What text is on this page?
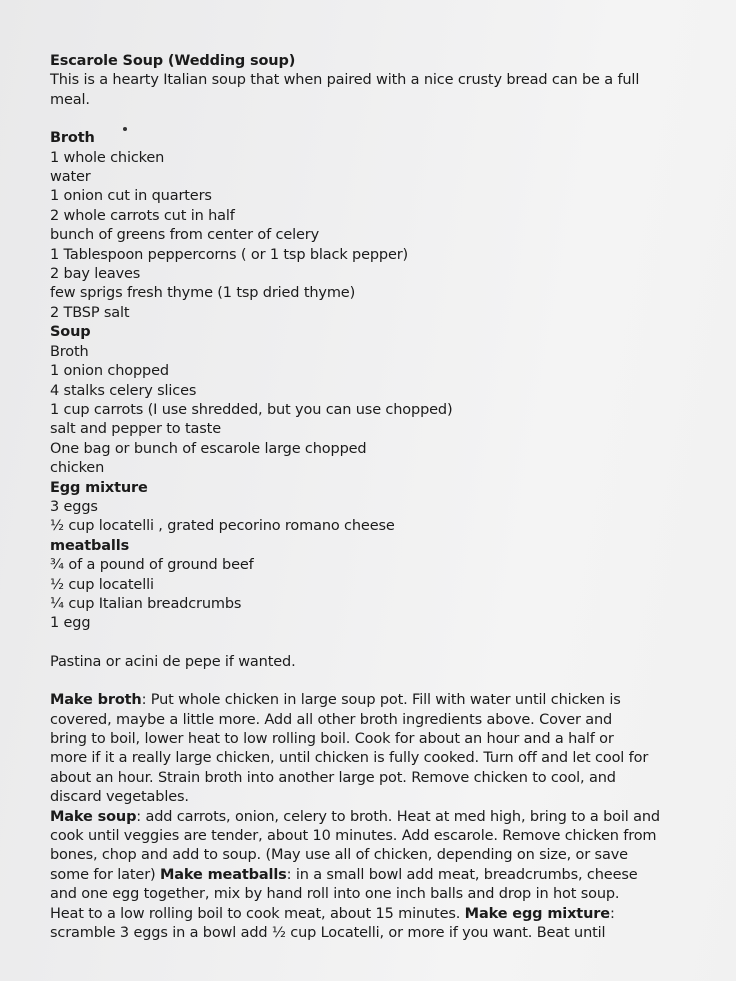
Escarole Soup (Wedding soup)
This is a hearty Italian soup that when paired with a nice crusty bread can be a full
meal.
Broth
1 whole chicken
water
1 onion cut in quarters
2 whole carrots cut in half
bunch of greens from center of celery
1 Tablespoon peppercorns ( or 1 tsp black pepper)
2 bay leaves
few sprigs fresh thyme (1 tsp dried thyme)
2 TBSP salt
Soup
Broth
1 onion chopped
4 stalks celery slices
1 cup carrots (I use shredded, but you can use chopped)
salt and pepper to taste
One bag or bunch of escarole large chopped
chicken
Egg mixture
3 eggs
½ cup locatelli , grated pecorino romano cheese
meatballs
¾ of a pound of ground beef
½ cup locatelli
¼ cup Italian breadcrumbs
1 egg
Pastina or acini de pepe if wanted.
Make broth: Put whole chicken in large soup pot. Fill with water until chicken is
covered, maybe a little more. Add all other broth ingredients above. Cover and
bring to boil, lower heat to low rolling boil. Cook for about an hour and a half or
more if it a really large chicken, until chicken is fully cooked. Turn off and let cool for
about an hour. Strain broth into another large pot. Remove chicken to cool, and
discard vegetables.
Make soup: add carrots, onion, celery to broth. Heat at med high, bring to a boil and
cook until veggies are tender, about 10 minutes. Add escarole. Remove chicken from
bones, chop and add to soup. (May use all of chicken, depending on size, or save
some for later) Make meatballs: in a small bowl add meat, breadcrumbs, cheese
and one egg together, mix by hand roll into one inch balls and drop in hot soup.
Heat to a low rolling boil to cook meat, about 15 minutes. Make egg mixture:
scramble 3 eggs in a bowl add ½ cup Locatelli, or more if you want. Beat until
